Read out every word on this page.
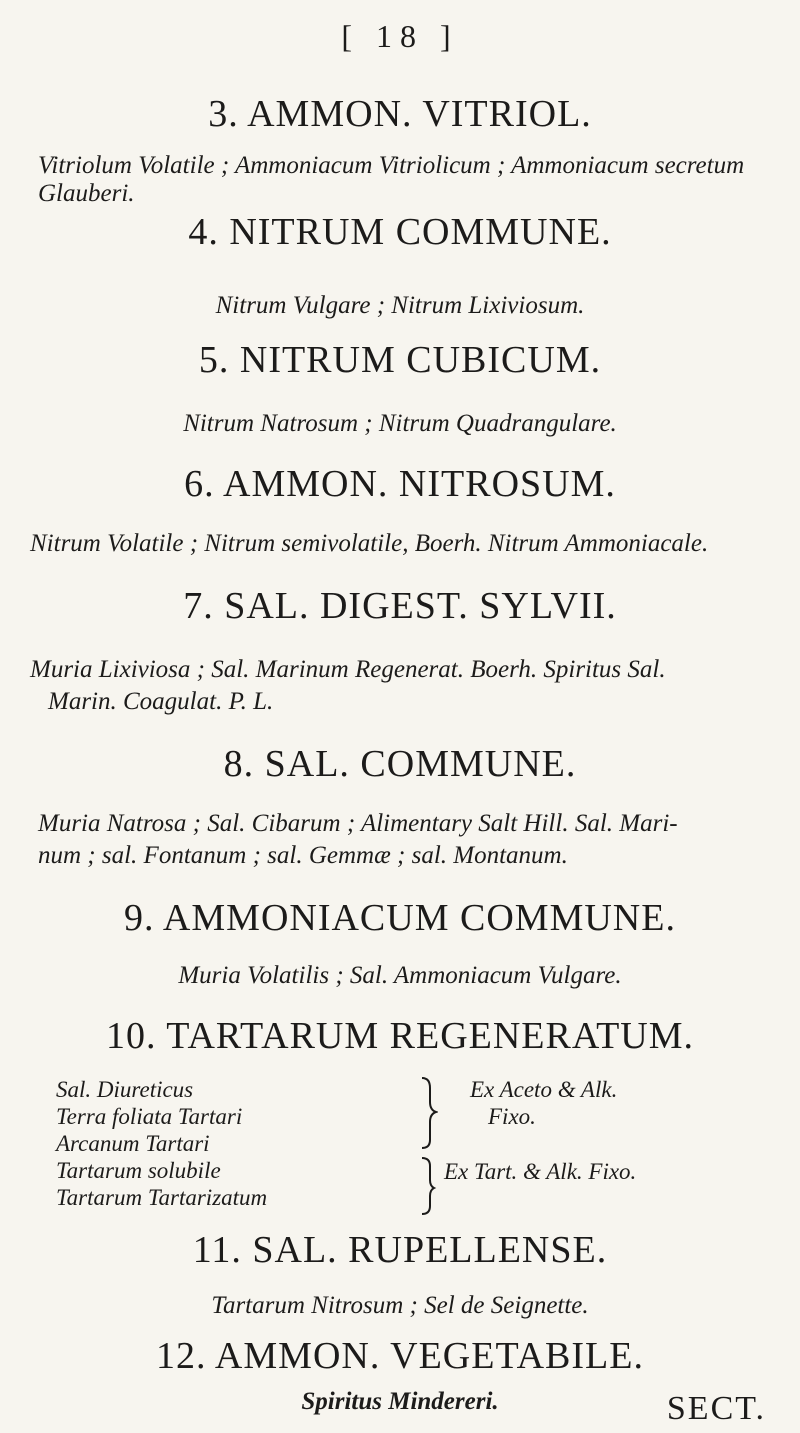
[ 18 ]
3. AMMON. VITRIOL.
Vitriolum Volatile ; Ammoniacum Vitriolicum ; Ammoniacum secretum
Glauberi.
4. NITRUM COMMUNE.
Nitrum Vulgare ; Nitrum Lixiviosum.
5. NITRUM CUBICUM.
Nitrum Natrosum ; Nitrum Quadrangulare.
6. AMMON. NITROSUM.
Nitrum Volatile ; Nitrum semivolatile, Boerh. Nitrum Ammoniacale.
7. SAL. DIGEST. SYLVII.
Muria Lixiviosa ; Sal. Marinum Regenerat. Boerh. Spiritus Sal.
Marin. Coagulat. P. L.
8. SAL. COMMUNE.
Muria Natrosa ; Sal. Cibarum ; Alimentary Salt Hill. Sal. Mari-
num ; sal. Fontanum ; sal. Gemmæ ; sal. Montanum.
9. AMMONIACUM COMMUNE.
Muria Volatilis ; Sal. Ammoniacum Vulgare.
10. TARTARUM REGENERATUM.
Sal. Diureticus
Terra foliata Tartari
Arcanum Tartari
Tartarum solubile
Tartarum Tartarizatum
Ex Aceto & Alk.
Fixo.
Ex Tart. & Alk. Fixo.
11. SAL. RUPELLENSE.
Tartarum Nitrosum ; Sel de Seignette.
12. AMMON. VEGETABILE.
Spiritus Mindereri.	SECT.
